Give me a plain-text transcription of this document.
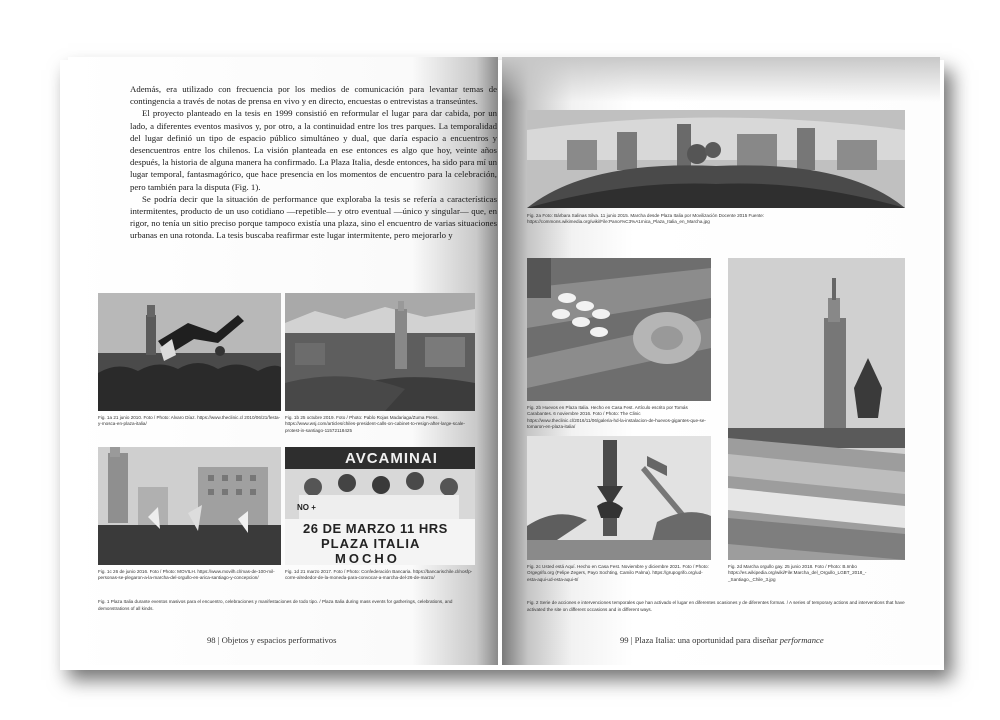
Además, era utilizado con frecuencia por los medios de comunicación para levantar temas de contingencia a través de notas de prensa en vivo y en directo, encuestas o entrevistas a transeúntes.

El proyecto planteado en la tesis en 1999 consistió en reformular el lugar para dar cabida, por un lado, a diferentes eventos masivos y, por otro, a la continuidad entre los tres parques. La temporalidad del lugar definió un tipo de espacio público simultáneo y dual, que daría espacio a encuentros y desencuentros entre los chilenos. La visión planteada en ese entonces es algo que hoy, veinte años después, la historia de alguna manera ha confirmado. La Plaza Italia, desde entonces, ha sido para mí un lugar temporal, fantasmagórico, que hace presencia en los momentos de encuentro para la celebración, pero también para la disputa (Fig. 1).

Se podría decir que la situación de performance que exploraba la tesis se refería a características intermitentes, producto de un uso cotidiano —repetible— y otro eventual —único y singular— que, en rigor, no tenía un sitio preciso porque tampoco existía una plaza, sino el encuentro de varias situaciones urbanas en una rotonda. La tesis buscaba reafirmar este lugar intermitente, pero mejorarlo y

Fig. 1a 21 junio 2010. Foto / Photo: Alvaro Díaz. https://www.theclinic.cl 2010/06/21/festa-y-mosca-en-plaza-italia/
Fig. 1b 25 octubre 2019. Foto / Photo: Pablo Rojas Madariaga/Zuma Press. https://www.wsj.com/articles/chiles-president-calls-on-cabinet-to-resign-after-large-scale-protest-in-santiago-11572118425
Fig. 1c 26 de junio 2016. Foto / Photo: MOVILH. https://www.movilh.cl/mas-de-100-mil-personas-se-plegaron-a-la-marcha-del-orgullo-en-arica-santiago-y-concepcion/
AVCAMINAI
NO +
26 DE MARZO 11 HRS
PLAZA ITALIA
MOCHO
Fig. 1d 21 marzo 2017. Foto / Photo: Confederación Bancaria. https://bancarischile.cl/nosfp-corre-alrededor-de-la-moneda-para-convocar-a-marcha-del-26-de-marzo/
Fig. 1 Plaza Italia durante eventos masivos para el encuentro, celebraciones y manifestaciones de todo tipo. / Plaza Italia during mass events for gatherings, celebrations, and demonstrations of all kinds.
98 | Objetos y espacios performativos
Fig. 2a Foto: Bárbara Salinas Silva. 11 junio 2015. Marcha desde Plaza Italia por Movilización Docente 2015 Fuente: https://commons.wikimedia.org/wiki/File:Panor%C3%A1mica_Plaza_Italia_en_Marcha.jpg
Fig. 2b Huevos en Plaza Italia. Hecho en Casa Fest. Artículo escrito por Tomás Carabantes. 6 noviembre 2016. Foto / Photo: The Clinic https://www.theclinic.cl/2016/11/06/galeria-hd-la-instalacion-de-huevos-gigantes-que-se-tomaron-en-plaza-italia/
Fig. 2c Usted está Aquí. Hecho en Casa Fest. Noviembre y diciembre 2021. Foto / Photo: Orgegrifo.org (Felipe Zegers, Payo Sochting, Camilo Palma). https://grupogrifo.org/ud-esta-aqui-ud-esta-aqui-6/
Fig. 2d Marcha orgullo gay. 25 junio 2018. Foto / Photo: B.Imbo https://es.wikipedia.org/wiki/File:Marcha_del_Orgullo_LGBT_2018_-_Santiago,_Chile_3.jpg
Fig. 2 Serie de acciones e intervenciones temporales que han activado el lugar en diferentes ocasiones y de diferentes formas. / A series of temporary actions and interventions that have activated the site on different occasions and in different ways.
99 | Plaza Italia: una oportunidad para diseñar performance
